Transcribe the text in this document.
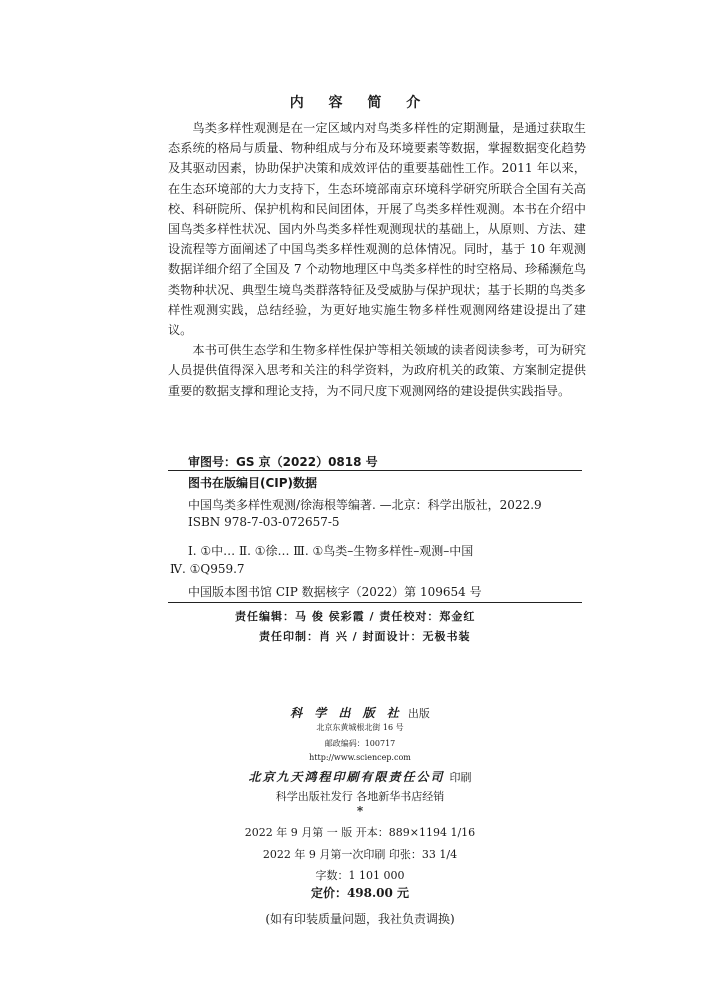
内 容 简 介

鸟类多样性观测是在一定区域内对鸟类多样性的定期测量，是通过获取生态系统的格局与质量、物种组成与分布及环境要素等数据，掌握数据变化趋势及其驱动因素，协助保护决策和成效评估的重要基础性工作。2011 年以来，在生态环境部的大力支持下，生态环境部南京环境科学研究所联合全国有关高校、科研院所、保护机构和民间团体，开展了鸟类多样性观测。本书在介绍中国鸟类多样性状况、国内外鸟类多样性观测现状的基础上，从原则、方法、建设流程等方面阐述了中国鸟类多样性观测的总体情况。同时，基于 10 年观测数据详细介绍了全国及 7 个动物地理区中鸟类多样性的时空格局、珍稀濒危鸟类物种状况、典型生境鸟类群落特征及受威胁与保护现状；基于长期的鸟类多样性观测实践，总结经验，为更好地实施生物多样性观测网络建设提出了建议。

本书可供生态学和生物多样性保护等相关领域的读者阅读参考，可为研究人员提供值得深入思考和关注的科学资料，为政府机关的政策、方案制定提供重要的数据支撑和理论支持，为不同尺度下观测网络的建设提供实践指导。

审图号：GS 京（2022）0818 号
图书在版编目(CIP)数据
中国鸟类多样性观测/徐海根等编著. —北京：科学出版社，2022.9
ISBN 978-7-03-072657-5
Ⅰ. ①中… Ⅱ. ①徐… Ⅲ. ①鸟类–生物多样性–观测–中国
Ⅳ. ①Q959.7
中国版本图书馆 CIP 数据核字（2022）第 109654 号
责任编辑：马 俊 侯彩霞 / 责任校对：郑金红
责任印制：肖 兴 / 封面设计：无极书装
科 学 出 版 社 出版
北京东黄城根北街 16 号
邮政编码：100717
http://www.sciencep.com
北京九天鸿程印刷有限责任公司 印刷
科学出版社发行 各地新华书店经销
*
2022 年 9 月第 一 版 开本：889×1194 1/16
2022 年 9 月第一次印刷 印张：33 1/4
字数：1 101 000
定价：498.00 元
(如有印装质量问题，我社负责调换)
